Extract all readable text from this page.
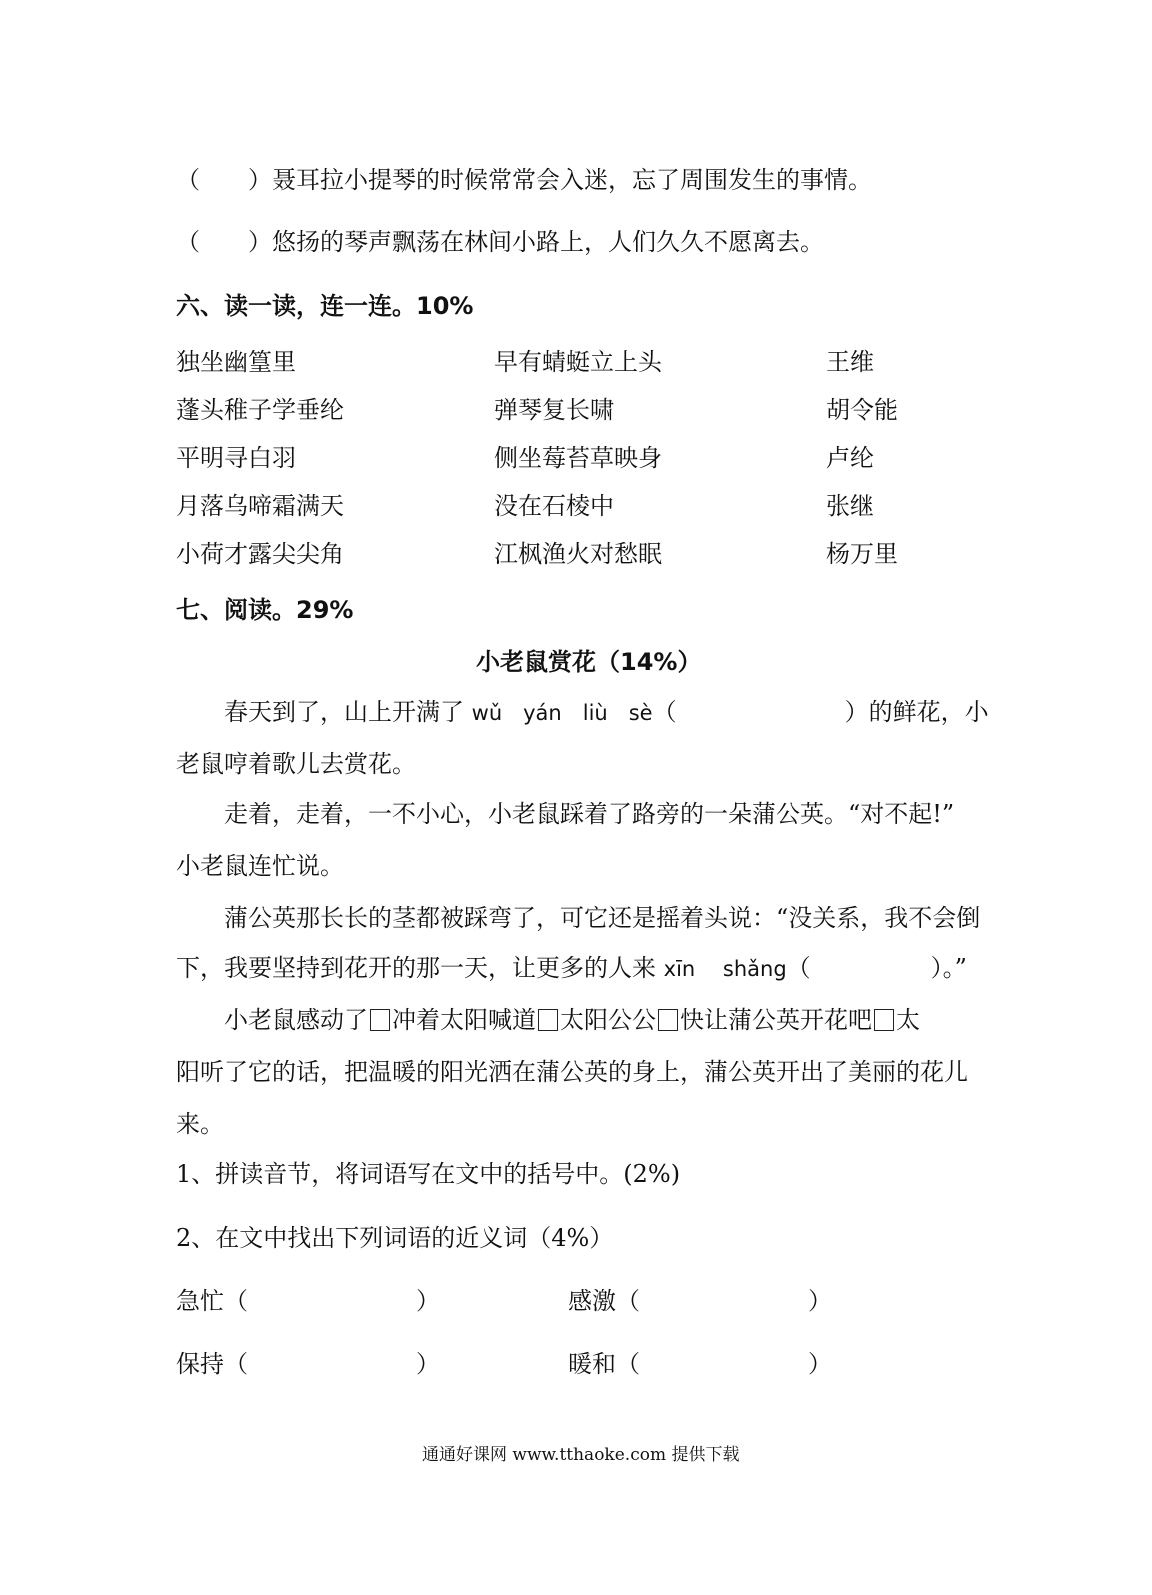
（　　）聂耳拉小提琴的时候常常会入迷，忘了周围发生的事情。
（　　）悠扬的琴声飘荡在林间小路上，人们久久不愿离去。
六、读一读，连一连。10%
独坐幽篁里
蓬头稚子学垂纶
平明寻白羽
月落乌啼霜满天
小荷才露尖尖角
早有蜻蜓立上头
弹琴复长啸
侧坐莓苔草映身
没在石棱中
江枫渔火对愁眠
王维
胡令能
卢纶
张继
杨万里
七、阅读。29%
小老鼠赏花（14%）
春天到了，山上开满了 wǔ　yán　liù　sè（　　　　　　　）的鲜花，小
老鼠哼着歌儿去赏花。
走着，走着，一不小心，小老鼠踩着了路旁的一朵蒲公英。“对不起!”
小老鼠连忙说。
蒲公英那长长的茎都被踩弯了，可它还是摇着头说：“没关系，我不会倒
下，我要坚持到花开的那一天，让更多的人来 xīn　 shǎng（　　　　　）。”
小老鼠感动了 冲着太阳喊道 太阳公公 快让蒲公英开花吧 太
阳听了它的话，把温暖的阳光洒在蒲公英的身上，蒲公英开出了美丽的花儿
来。
1、拼读音节，将词语写在文中的括号中。(2%)
2、在文中找出下列词语的近义词（4%）
急忙（　　　　　　　）	感激（　　　　　　　）
保持（　　　　　　　）	暖和（　　　　　　　）
通通好课网 www.tthaoke.com 提供下载
